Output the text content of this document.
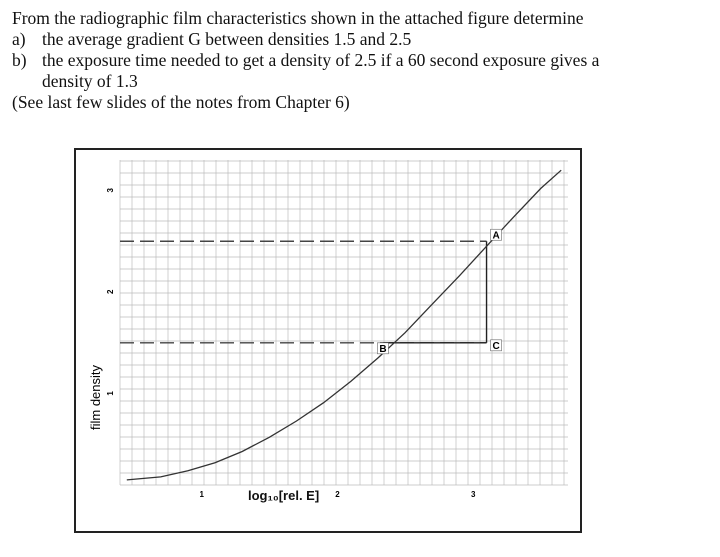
From the radiographic film characteristics shown in the attached figure determine
a) the average gradient G between densities 1.5 and 2.5
b) the exposure time needed to get a density of 2.5 if a 60 second exposure gives a
density of 1.3
(See last few slides of the notes from Chapter 6)
1	2	3
1
2
3
A
B	C
film density
log₁₀[rel. E]
